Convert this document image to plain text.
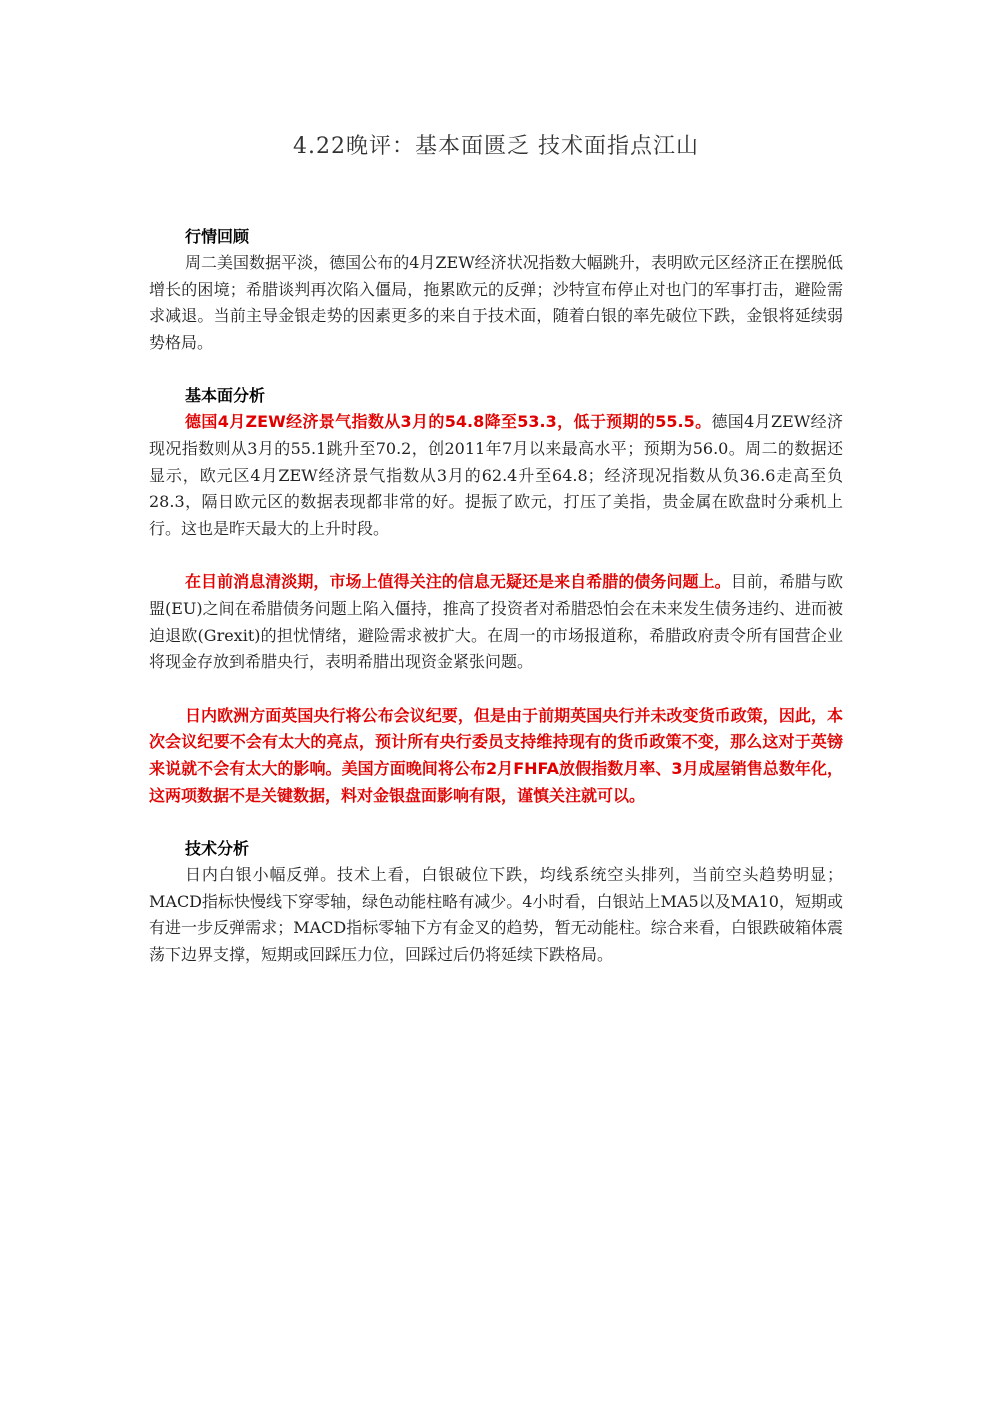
4.22晚评：基本面匮乏 技术面指点江山
行情回顾

周二美国数据平淡，德国公布的4月ZEW经济状况指数大幅跳升，表明欧元区经济正在摆脱低增长的困境；希腊谈判再次陷入僵局，拖累欧元的反弹；沙特宣布停止对也门的军事打击，避险需求减退。当前主导金银走势的因素更多的来自于技术面，随着白银的率先破位下跌，金银将延续弱势格局。

基本面分析

德国4月ZEW经济景气指数从3月的54.8降至53.3，低于预期的55.5。德国4月ZEW经济现况指数则从3月的55.1跳升至70.2，创2011年7月以来最高水平；预期为56.0。周二的数据还显示，欧元区4月ZEW经济景气指数从3月的62.4升至64.8；经济现况指数从负36.6走高至负28.3，隔日欧元区的数据表现都非常的好。提振了欧元，打压了美指，贵金属在欧盘时分乘机上行。这也是昨天最大的上升时段。

在目前消息清淡期，市场上值得关注的信息无疑还是来自希腊的债务问题上。目前，希腊与欧盟(EU)之间在希腊债务问题上陷入僵持，推高了投资者对希腊恐怕会在未来发生债务违约、进而被迫退欧(Grexit)的担忧情绪，避险需求被扩大。在周一的市场报道称，希腊政府责令所有国营企业将现金存放到希腊央行，表明希腊出现资金紧张问题。

日内欧洲方面英国央行将公布会议纪要，但是由于前期英国央行并未改变货币政策，因此，本次会议纪要不会有太大的亮点，预计所有央行委员支持维持现有的货币政策不变，那么这对于英镑来说就不会有太大的影响。美国方面晚间将公布2月FHFA放假指数月率、3月成屋销售总数年化，这两项数据不是关键数据，料对金银盘面影响有限，谨慎关注就可以。

技术分析

日内白银小幅反弹。技术上看，白银破位下跌，均线系统空头排列，当前空头趋势明显；MACD指标快慢线下穿零轴，绿色动能柱略有减少。4小时看，白银站上MA5以及MA10，短期或有进一步反弹需求；MACD指标零轴下方有金叉的趋势，暂无动能柱。综合来看，白银跌破箱体震荡下边界支撑，短期或回踩压力位，回踩过后仍将延续下跌格局。
